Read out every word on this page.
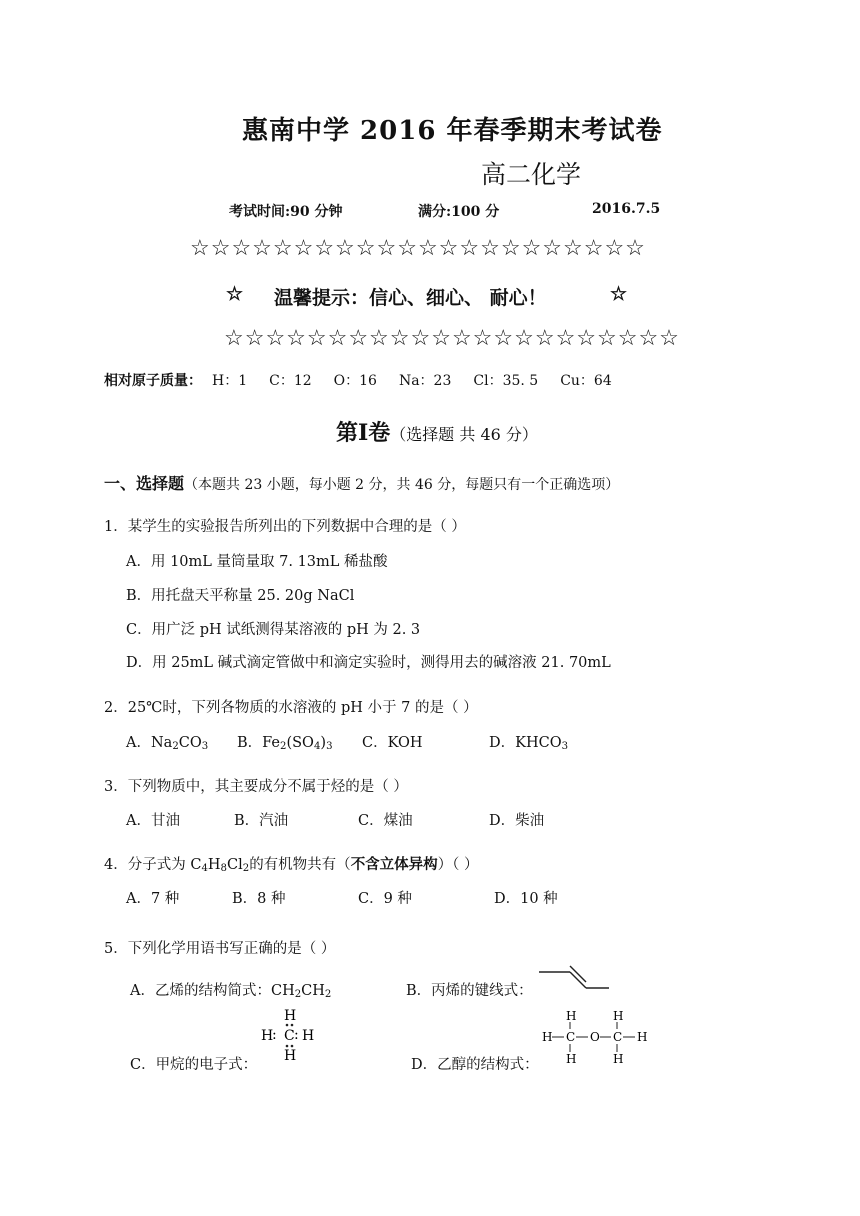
惠南中学 2016 年春季期末考试卷
高二化学
考试时间:90 分钟	满分:100 分	2016.7.5
☆☆☆☆☆☆☆☆☆☆☆☆☆☆☆☆☆☆☆☆☆☆
☆ 温馨提示：信心、细心、 耐心！	☆
☆☆☆☆☆☆☆☆☆☆☆☆☆☆☆☆☆☆☆☆☆☆
相对原子质量： H：1 C：12 O：16 Na：23 Cl：35. 5 Cu：64
第Ⅰ卷（选择题 共 46 分）
一、选择题（本题共 23 小题，每小题 2 分，共 46 分，每题只有一个正确选项）
1．某学生的实验报告所列出的下列数据中合理的是（ ）
A．用 10mL 量筒量取 7. 13mL 稀盐酸
B．用托盘天平称量 25. 20g NaCl
C．用广泛 pH 试纸测得某溶液的 pH 为 2. 3
D．用 25mL 碱式滴定管做中和滴定实验时，测得用去的碱溶液 21. 70mL
2．25℃时，下列各物质的水溶液的 pH 小于 7 的是（ ）
A．$Na_2CO_3$ B．$Fe_2(SO_4)_3$ C．KOH	D．$KHCO_3$
3．下列物质中，其主要成分不属于烃的是（ ）
A．甘油	B．汽油	C．煤油	D．柴油
4．分子式为 $C_4H_8Cl_2$的有机物共有（不含立体异构）（ ）
A．7 种	B．8 种	C．9 种	D．10 种
5．下列化学用语书写正确的是（ ）
A．乙烯的结构简式：$CH_2CH_2$	B．丙烯的键线式：
C．甲烷的电子式：	D．乙醇的结构式：
H
H
: C : H
H
H	H
H C O C H
H	H
